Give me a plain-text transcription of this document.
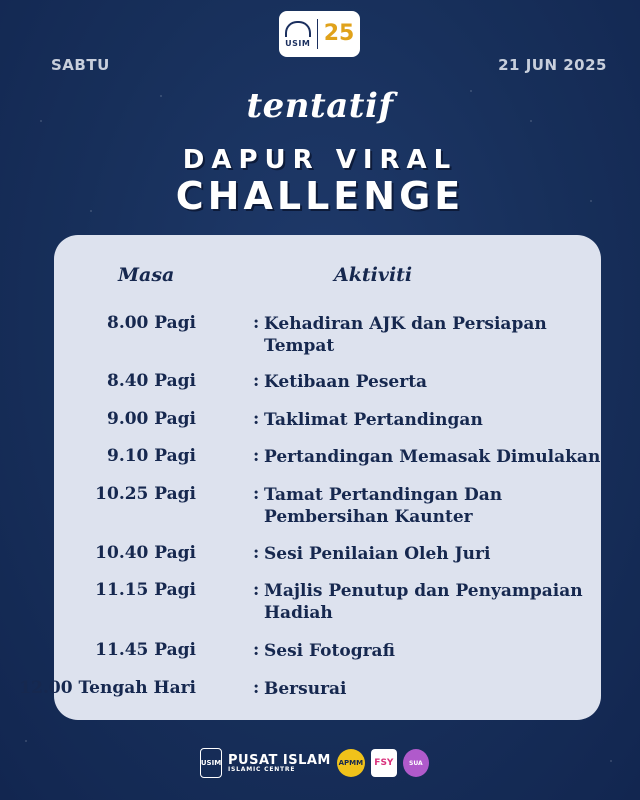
USIM 25
SABTU	21 JUN 2025
tentatif
DAPUR VIRAL
CHALLENGE
Masa	Aktiviti
8.00 Pagi	: Kehadiran AJK dan Persiapan Tempat
8.40 Pagi	: Ketibaan Peserta
9.00 Pagi	: Taklimat Pertandingan
9.10 Pagi	: Pertandingan Memasak Dimulakan
10.25 Pagi	: Tamat Pertandingan Dan Pembersihan Kaunter
10.40 Pagi	: Sesi Penilaian Oleh Juri
11.15 Pagi	: Majlis Penutup dan Penyampaian Hadiah
11.45 Pagi	: Sesi Fotografi
12.00 Tengah Hari	: Bersurai
USIM PUSAT ISLAM
ISLAMIC CENTRE
APMM	FSY	SUA
